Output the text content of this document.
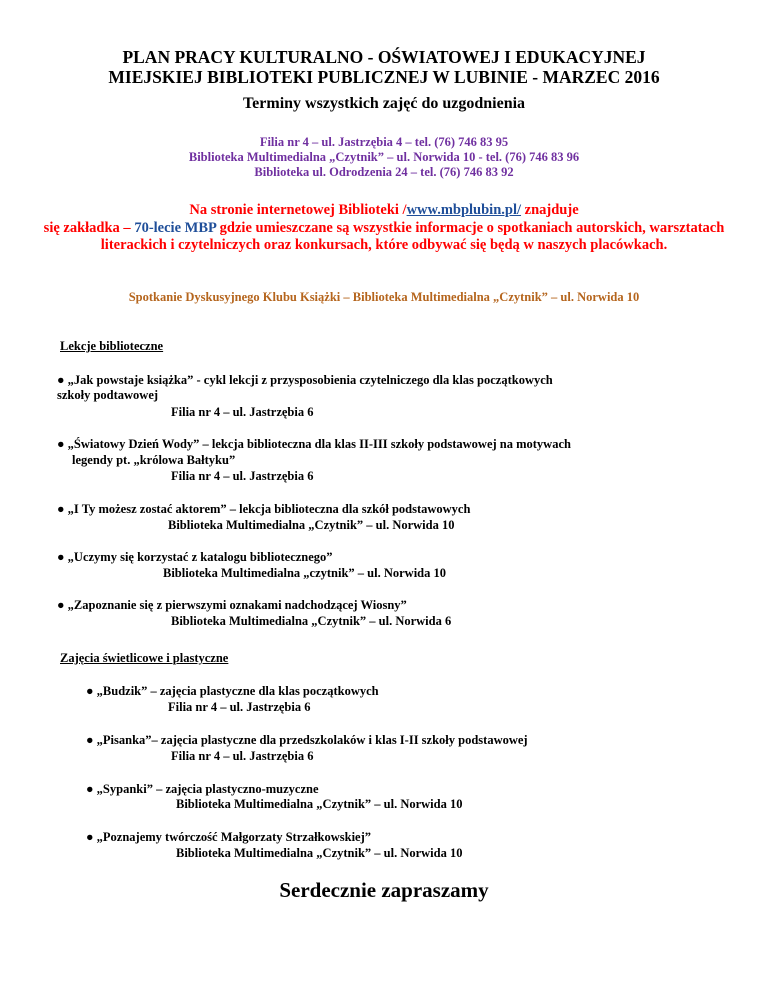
PLAN PRACY KULTURALNO - OŚWIATOWEJ I EDUKACYJNEJ
MIEJSKIEJ BIBLIOTEKI PUBLICZNEJ W LUBINIE - MARZEC 2016
Terminy wszystkich zajęć do uzgodnienia
Filia nr 4 – ul. Jastrzębia 4 – tel. (76) 746 83 95
Biblioteka Multimedialna „Czytnik” – ul. Norwida 10 - tel. (76) 746 83 96
Biblioteka ul. Odrodzenia 24 – tel. (76) 746 83 92
Na stronie internetowej Biblioteki /www.mbplubin.pl/ znajduje
się zakładka – 70-lecie MBP gdzie umieszczane są wszystkie informacje o spotkaniach autorskich, warsztatach literackich i czytelniczych oraz konkursach, które odbywać się będą w naszych placówkach.
Spotkanie Dyskusyjnego Klubu Książki – Biblioteka Multimedialna „Czytnik” – ul. Norwida 10
Lekcje biblioteczne
● „Jak powstaje książka” - cykl lekcji z przysposobienia czytelniczego dla klas początkowych
szkoły podtawowej
Filia nr 4 – ul. Jastrzębia 6
● „Światowy Dzień Wody” – lekcja biblioteczna dla klas II-III szkoły podstawowej na motywach
legendy pt. „królowa Bałtyku”
Filia nr 4 – ul. Jastrzębia 6
● „I Ty możesz zostać aktorem” – lekcja biblioteczna dla szkół podstawowych
Biblioteka Multimedialna „Czytnik” – ul. Norwida 10
● „Uczymy się korzystać z katalogu bibliotecznego”
Biblioteka Multimedialna „czytnik” – ul. Norwida 10
● „Zapoznanie się z pierwszymi oznakami nadchodzącej Wiosny”
Biblioteka Multimedialna „Czytnik” – ul. Norwida 6
Zajęcia świetlicowe i plastyczne
● „Budzik” – zajęcia plastyczne dla klas początkowych
Filia nr 4 – ul. Jastrzębia 6
● „Pisanka”– zajęcia plastyczne dla przedszkolaków i klas I-II szkoły podstawowej
Filia nr 4 – ul. Jastrzębia 6
● „Sypanki” – zajęcia plastyczno-muzyczne
Biblioteka Multimedialna „Czytnik” – ul. Norwida 10
● „Poznajemy twórczość Małgorzaty Strzałkowskiej”
Biblioteka Multimedialna „Czytnik” – ul. Norwida 10
Serdecznie zapraszamy
